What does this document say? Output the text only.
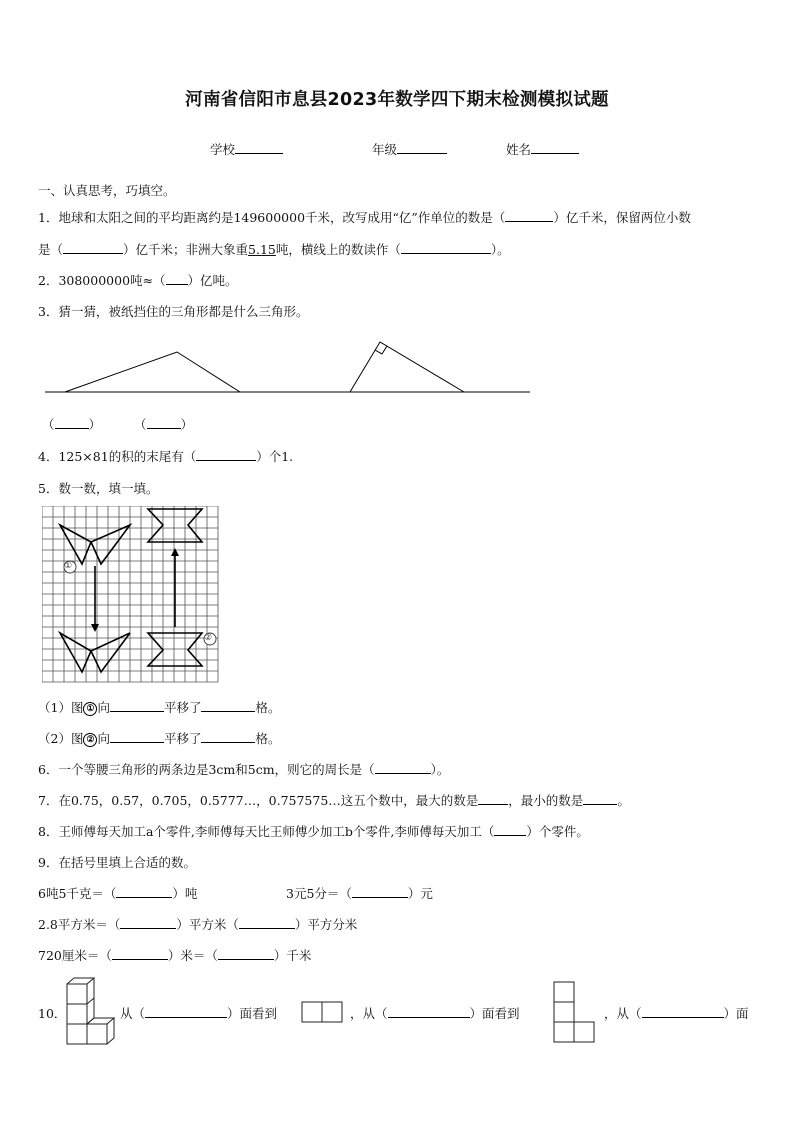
河南省信阳市息县2023年数学四下期末检测模拟试题
学校	年级	姓名
一、认真思考，巧填空。
1．地球和太阳之间的平均距离约是149600000千米，改写成用“亿”作单位的数是（	）亿千米，保留两位小数
是（	）亿千米；非洲大象重5.15吨，横线上的数读作（	）。
2．308000000吨≈（ ）亿吨。
3．猜一猜，被纸挡住的三角形都是什么三角形。
（	）	（	）
4．125×81的积的末尾有（	）个1.
5．数一数，填一填。
①
②
（1）图 ① 向	平移了	格。
（2）图 ② 向	平移了	格。
6．一个等腰三角形的两条边是3cm和5cm，则它的周长是（	）。
7．在0.75，0.57，0.705，0.5777…，0.757575…这五个数中，最大的数是 ，最小的数是	。
8．王师傅每天加工a个零件,李师傅每天比王师傅少加工b个零件,李师傅每天加工（	）个零件。
9．在括号里填上合适的数。
6吨5千克＝（	）吨	3元5分＝（	）元
2.8平方米＝（	）平方米（	）平方分米
720厘米＝（	）米＝（	）千米
10．	从（	）面看到	，从（	）面看到	，从（	）面
